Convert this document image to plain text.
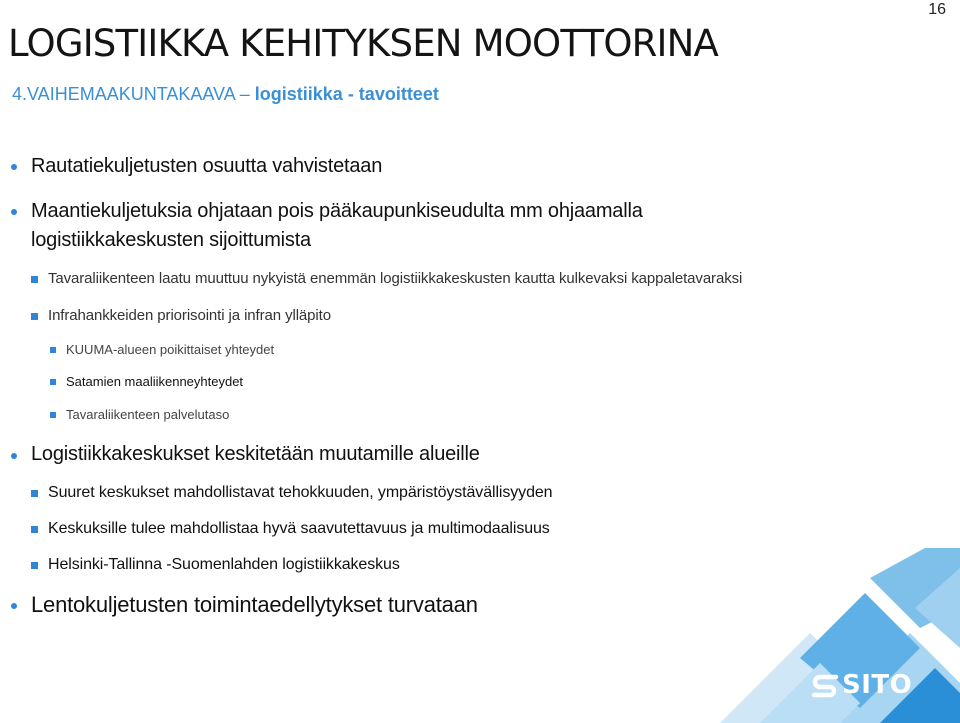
16
LOGISTIIKKA KEHITYKSEN MOOTTORINA
4.VAIHEMAAKUNTAKAAVA – logistiikka - tavoitteet
Rautatiekuljetusten osuutta vahvistetaan
Maantiekuljetuksia ohjataan pois pääkaupunkiseudulta mm ohjaamalla
logistiikkakeskusten sijoittumista
Tavaraliikenteen laatu muuttuu nykyistä enemmän logistiikkakeskusten kautta kulkevaksi kappaletavaraksi
Infrahankkeiden priorisointi ja infran ylläpito
KUUMA-alueen poikittaiset yhteydet
Satamien maaliikenneyhteydet
Tavaraliikenteen palvelutaso
Logistiikkakeskukset keskitetään muutamille alueille
Suuret keskukset mahdollistavat tehokkuuden, ympäristöystävällisyyden
Keskuksille tulee mahdollistaa hyvä saavutettavuus ja multimodaalisuus
Helsinki-Tallinna -Suomenlahden logistiikkakeskus
Lentokuljetusten toimintaedellytykset turvataan
SITO
